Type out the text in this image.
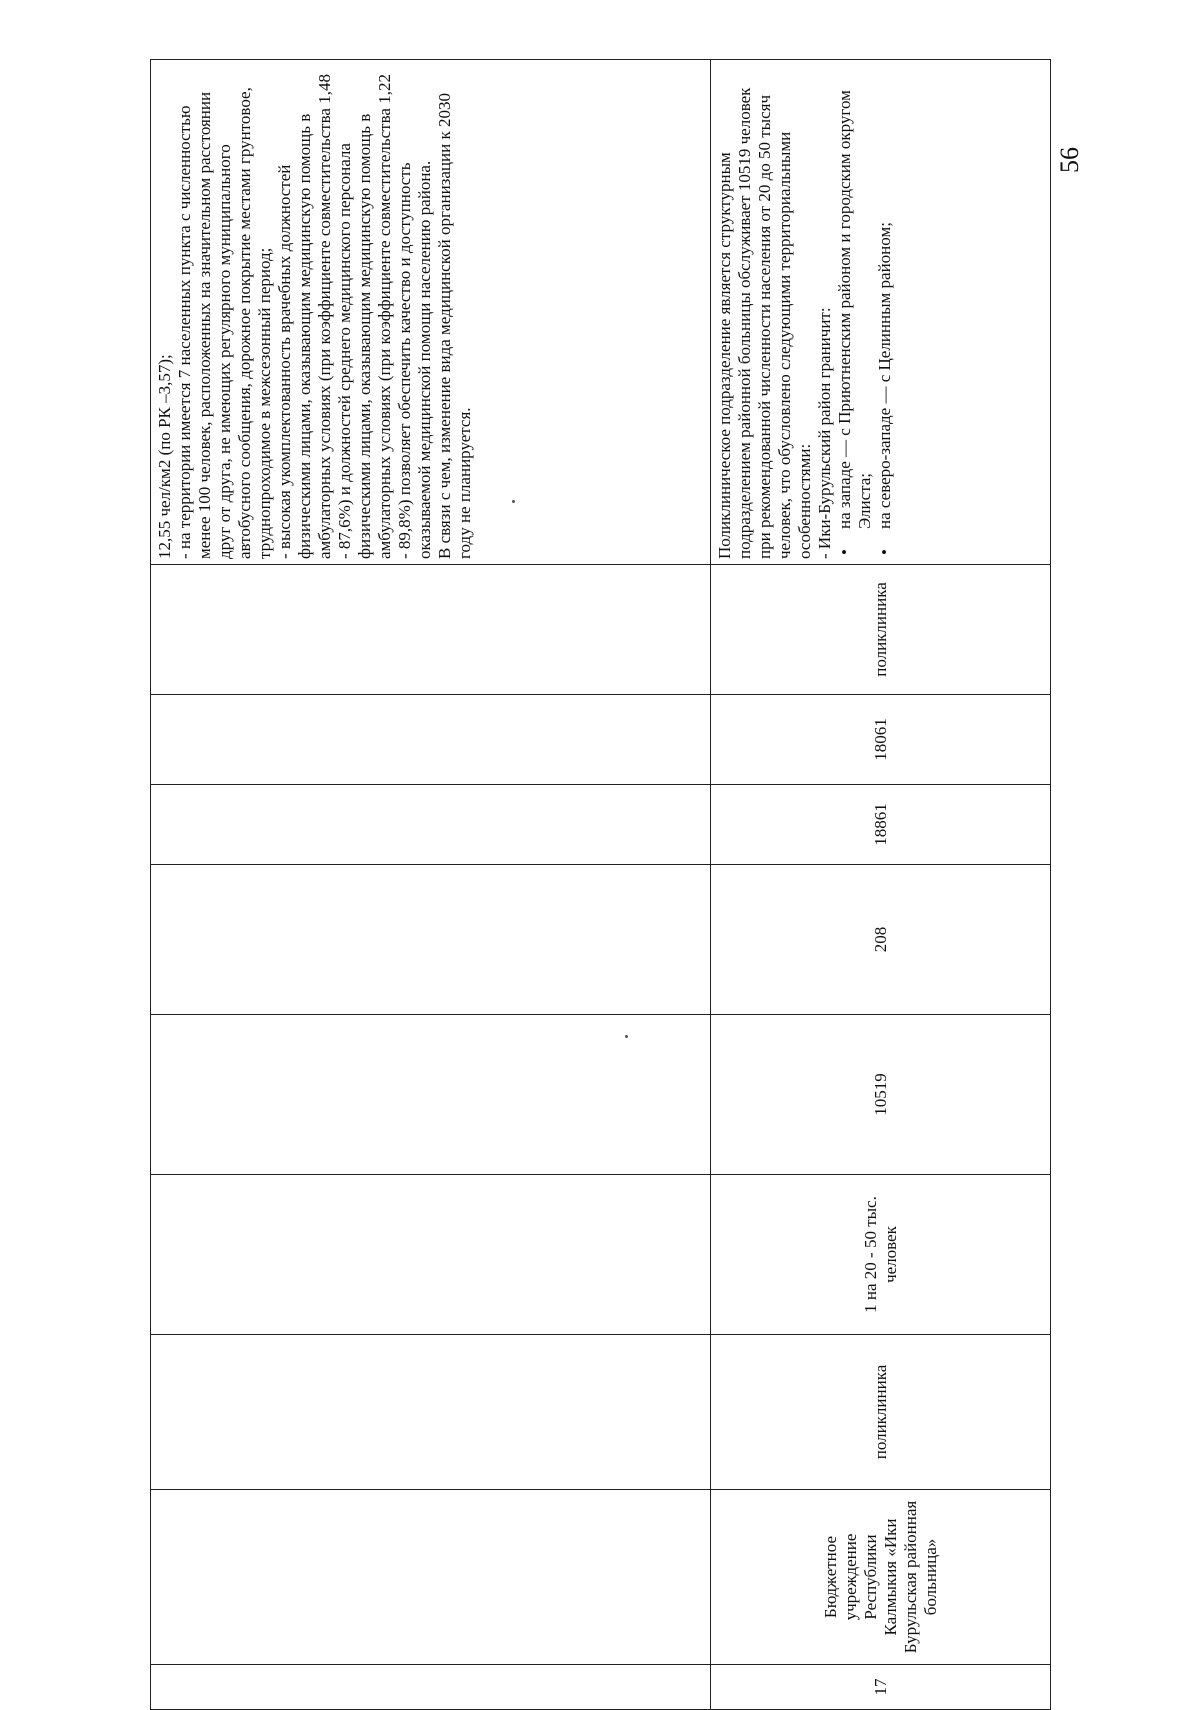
									12,55 чел/км2 (по РК –3,57); - на территории имеется 7 населенных пункта с численностью менее 100 человек, расположенных на значительном расстоянии друг от друга, не имеющих регулярного муниципального автобусного сообщения, дорожное покрытие местами грунтовое, труднопроходимое в межсезонный период; - высокая укомплектованность врачебных должностей физическими лицами, оказывающим медицинскую помощь в амбулаторных условиях (при коэффициенте совместительства 1,48 - 87,6%) и должностей среднего медицинского персонала физическими лицами, оказывающим медицинскую помощь в амбулаторных условиях (при коэффициенте совместительства 1,22 - 89,8%) позволяет обеспечить качество и доступность оказываемой медицинской помощи населению района. В связи с чем, изменение вида медицинской организации к 2030 году не планируется.

17	Бюджетное учреждение Республики Калмыкия «Ики Бурульская районная больница»	поликлиника	1 на 20 - 50 тыс. человек	10519	208	18861	18061	поликлиника	Поликлиническое подразделение является структурным подразделением районной больницы обслуживает 10519 человек при рекомендованной численности населения от 20 до 50 тысяч человек, что обусловлено следующими территориальными особенностями: - Ики-Бурульский район граничит: • на западе — с Приютненским районом и городским округом Элиста; • на северо-западе — с Целинным районом;

56
